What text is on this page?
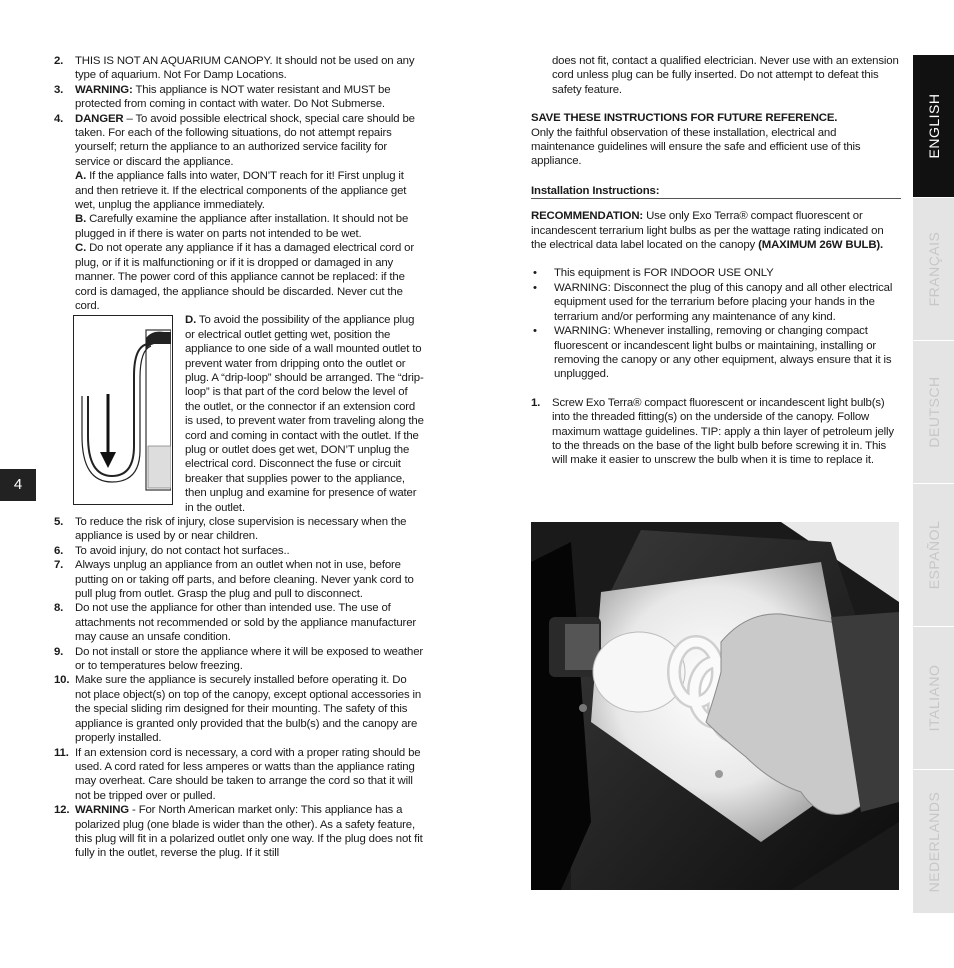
2.	THIS IS NOT AN AQUARIUM CANOPY. It should not be used on any type of aquarium. Not For Damp Locations.
3.	WARNING: This appliance is NOT water resistant and MUST be protected from coming in contact with water. Do Not Submerse.
4.	DANGER – To avoid possible electrical shock, special care should be taken. For each of the following situations, do not attempt repairs yourself; return the appliance to an authorized service facility for service or discard the appliance.

A. If the appliance falls into water, DON’T reach for it! First unplug it and then retrieve it. If the electrical components of the appliance get wet, unplug the appliance immediately.

B. Carefully examine the appliance after installation. It should not be plugged in if there is water on parts not intended to be wet.

C. Do not operate any appliance if it has a damaged electrical cord or plug, or if it is malfunctioning or if it is dropped or damaged in any manner. The power cord of this appliance cannot be replaced: if the cord is damaged, the appliance should be discarded. Never cut the cord.

D. To avoid the possibility of the appliance plug or electrical outlet getting wet, position the appliance to one side of a wall mounted outlet to prevent water from dripping onto the outlet or plug. A “drip-loop” should be arranged. The “drip-loop” is that part of the cord below the level of the outlet, or the connector if an extension cord is used, to prevent water from traveling along the cord and coming in contact with the outlet. If the plug or outlet does get wet, DON’T unplug the electrical cord. Disconnect the fuse or circuit breaker that supplies power to the appliance, then unplug and examine for presence of water in the outlet.

5.	To reduce the risk of injury, close supervision is necessary when the appliance is used by or near children.
6.	To avoid injury, do not contact hot surfaces..
7.	Always unplug an appliance from an outlet when not in use, before putting on or taking off parts, and before cleaning. Never yank cord to pull plug from outlet. Grasp the plug and pull to disconnect.
8.	Do not use the appliance for other than intended use. The use of attachments not recommended or sold by the appliance manufacturer may cause an unsafe condition.
9.	Do not install or store the appliance where it will be exposed to weather or to temperatures below freezing.
10. Make sure the appliance is securely installed before operating it. Do not place object(s) on top of the canopy, except optional accessories in the special sliding rim designed for their mounting. The safety of this appliance is granted only provided that the bulb(s) and the canopy are properly installed.
11. If an extension cord is necessary, a cord with a proper rating should be used. A cord rated for less amperes or watts than the appliance rating may overheat. Care should be taken to arrange the cord so that it will not be tripped over or pulled.
12. WARNING - For North American market only: This appliance has a polarized plug (one blade is wider than the other). As a safety feature, this plug will fit in a polarized outlet only one way. If the plug does not fit fully in the outlet, reverse the plug. If it still
does not fit, contact a qualified electrician. Never use with an extension cord unless plug can be fully inserted. Do not attempt to defeat this safety feature.

SAVE THESE INSTRUCTIONS FOR FUTURE REFERENCE.

Only the faithful observation of these installation, electrical and maintenance guidelines will ensure the safe and efficient use of this appliance.

Installation Instructions:

RECOMMENDATION: Use only Exo Terra® compact fluorescent or incandescent terrarium light bulbs as per the wattage rating indicated on the electrical data label located on the canopy (MAXIMUM 26W BULB).

•	This equipment is FOR INDOOR USE ONLY
•	WARNING: Disconnect the plug of this canopy and all other electrical equipment used for the terrarium before placing your hands in the terrarium and/or performing any maintenance of any kind.
•	WARNING: Whenever installing, removing or changing compact fluorescent or incandescent light bulbs or maintaining, installing or removing the canopy or any other equipment, always ensure that it is unplugged.
1.	Screw Exo Terra® compact fluorescent or incandescent light bulb(s) into the threaded fitting(s) on the underside of the canopy. Follow maximum wattage guidelines. TIP: apply a thin layer of petroleum jelly to the threads on the base of the light bulb before screwing it in. This will make it easier to unscrew the bulb when it is time to replace it.
4
ENGLISH
FRANÇAIS
DEUTSCH
ESPAÑOL
ITALIANO
NEDERLANDS
